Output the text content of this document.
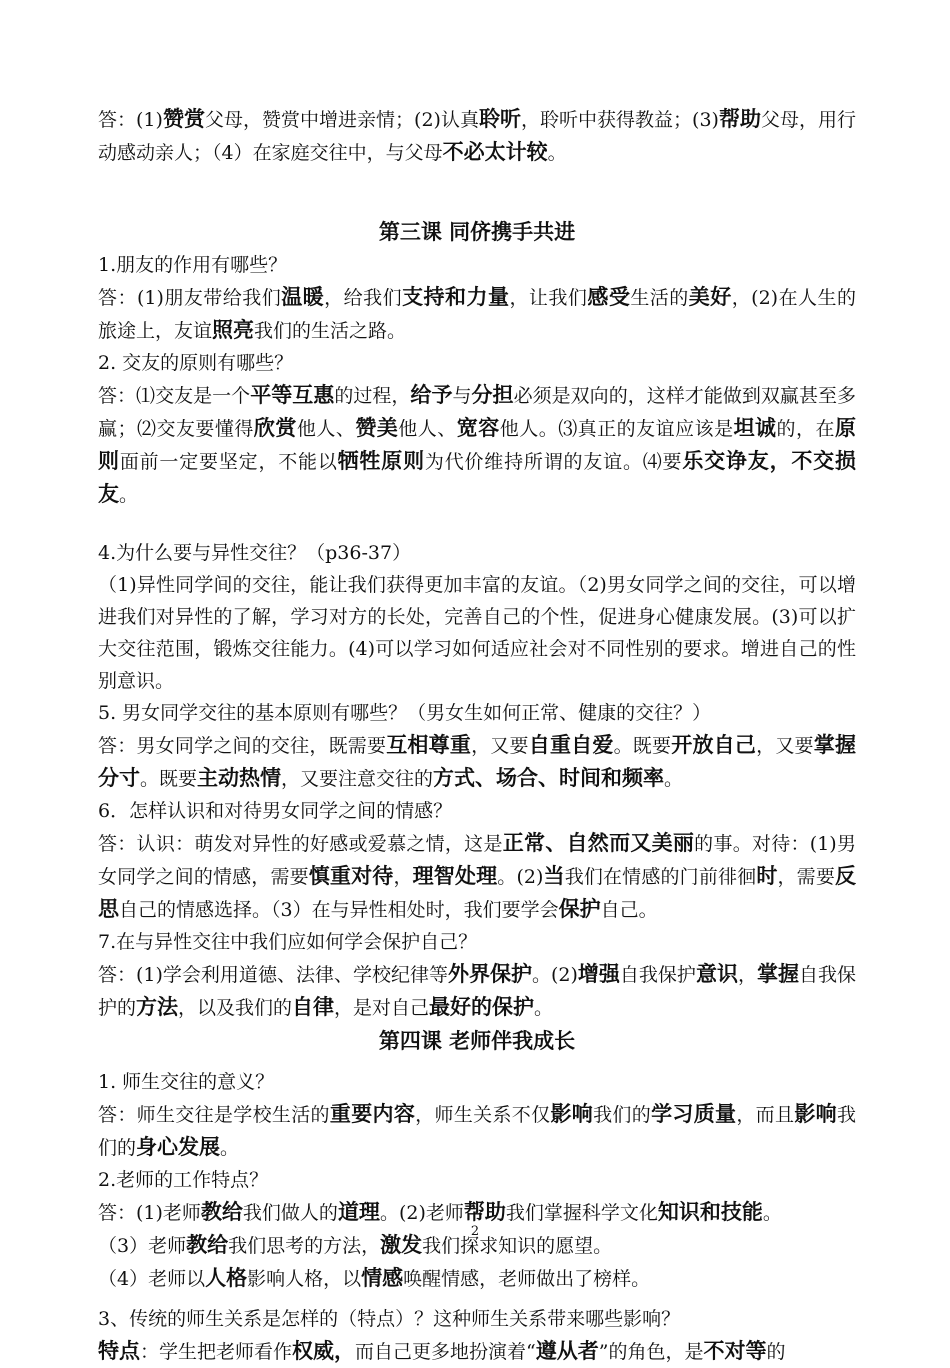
答：(1)赞赏父母，赞赏中增进亲情；(2)认真聆听，聆听中获得教益；(3)帮助父母，用行动感动亲人；（4）在家庭交往中，与父母不必太计较。

第三课 同侪携手共进

1.朋友的作用有哪些？

答：(1)朋友带给我们温暖，给我们支持和力量，让我们感受生活的美好，(2)在人生的旅途上，友谊照亮我们的生活之路。

2. 交友的原则有哪些？

答：⑴交友是一个平等互惠的过程，给予与分担必须是双向的，这样才能做到双赢甚至多赢；⑵交友要懂得欣赏他人、赞美他人、宽容他人。⑶真正的友谊应该是坦诚的，在原则面前一定要坚定，不能以牺牲原则为代价维持所谓的友谊。⑷要乐交诤友，不交损友。

4.为什么要与异性交往？（p36-37）

（1)异性同学间的交往，能让我们获得更加丰富的友谊。（2)男女同学之间的交往，可以增进我们对异性的了解，学习对方的长处，完善自己的个性，促进身心健康发展。(3)可以扩大交往范围，锻炼交往能力。(4)可以学习如何适应社会对不同性别的要求。增进自己的性别意识。

5. 男女同学交往的基本原则有哪些？（男女生如何正常、健康的交往？）

答：男女同学之间的交往，既需要互相尊重，又要自重自爱。既要开放自己，又要掌握分寸。既要主动热情，又要注意交往的方式、场合、时间和频率。

6．怎样认识和对待男女同学之间的情感？

答：认识：萌发对异性的好感或爱慕之情，这是正常、自然而又美丽的事。对待：(1)男女同学之间的情感，需要慎重对待，理智处理。(2)当我们在情感的门前徘徊时，需要反思自己的情感选择。（3）在与异性相处时，我们要学会保护自己。

7.在与异性交往中我们应如何学会保护自己？

答：(1)学会利用道德、法律、学校纪律等外界保护。(2)增强自我保护意识，掌握自我保护的方法，以及我们的自律，是对自己最好的保护。

第四课 老师伴我成长

1. 师生交往的意义？

答：师生交往是学校生活的重要内容，师生关系不仅影响我们的学习质量，而且影响我们的身心发展。

2.老师的工作特点？

答：(1)老师教给我们做人的道理。(2)老师帮助我们掌握科学文化知识和技能。

（3）老师教给我们思考的方法，激发我们探求知识的愿望。

（4）老师以人格影响人格，以情感唤醒情感，老师做出了榜样。

3、传统的师生关系是怎样的（特点）？这种师生关系带来哪些影响？

特点：学生把老师看作权威，而自己更多地扮演着“遵从者”的角色，是不对等的

2
